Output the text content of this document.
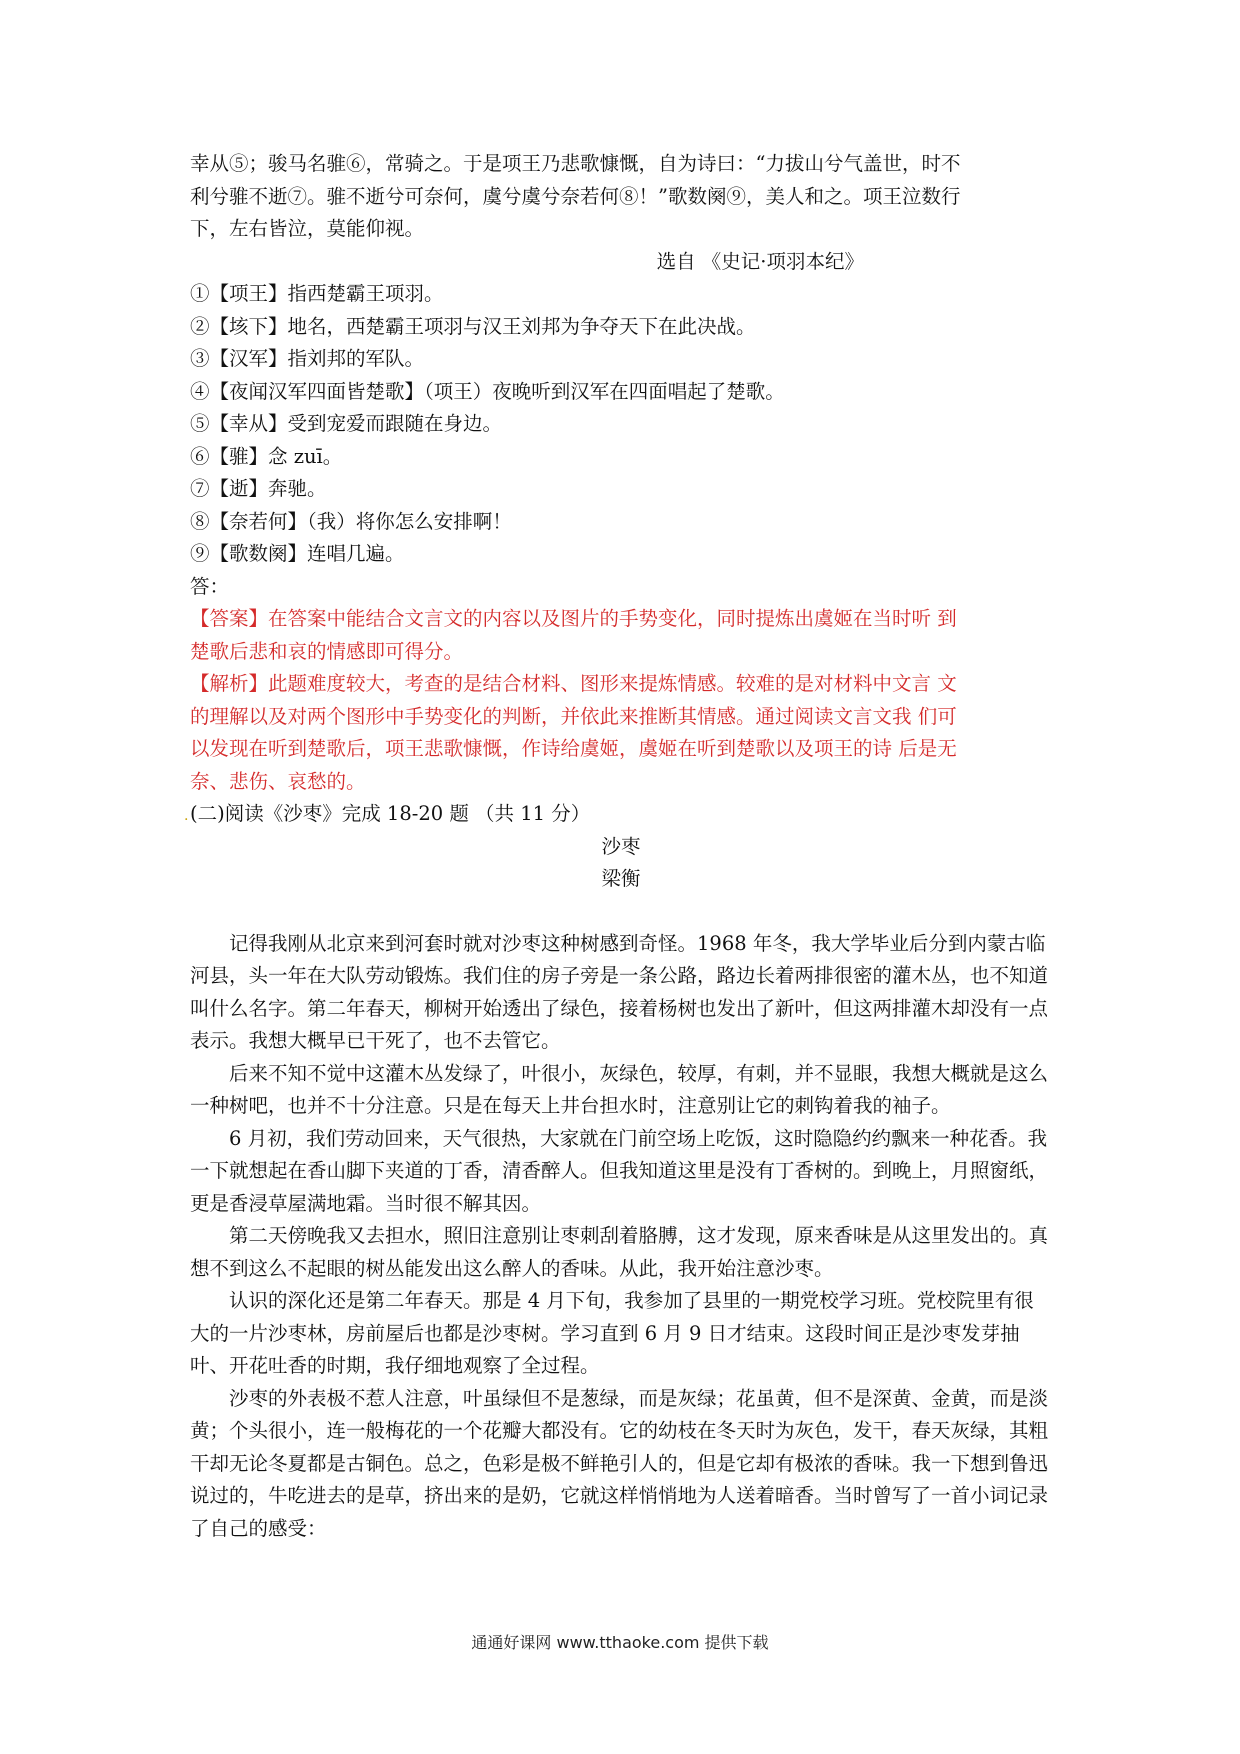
幸从⑤；骏马名骓⑥，常骑之。于是项王乃悲歌慷慨，自为诗曰：“力拔山兮气盖世，时不

利兮骓不逝⑦。骓不逝兮可奈何，虞兮虞兮奈若何⑧！”歌数阕⑨，美人和之。项王泣数行

下，左右皆泣，莫能仰视。

选自 《史记·项羽本纪》

①【项王】指西楚霸王项羽。

②【垓下】地名，西楚霸王项羽与汉王刘邦为争夺天下在此决战。

③【汉军】指刘邦的军队。

④【夜闻汉军四面皆楚歌】（项王）夜晚听到汉军在四面唱起了楚歌。

⑤【幸从】受到宠爱而跟随在身边。

⑥【骓】念 zuī。

⑦【逝】奔驰。

⑧【奈若何】（我）将你怎么安排啊！

⑨【歌数阕】连唱几遍。

答：

【答案】在答案中能结合文言文的内容以及图片的手势变化，同时提炼出虞姬在当时听 到

楚歌后悲和哀的情感即可得分。

【解析】此题难度较大，考查的是结合材料、图形来提炼情感。较难的是对材料中文言 文

的理解以及对两个图形中手势变化的判断，并依此来推断其情感。通过阅读文言文我 们可

以发现在听到楚歌后，项王悲歌慷慨，作诗给虞姬，虞姬在听到楚歌以及项王的诗 后是无

奈、悲伤、哀愁的。

. (二)阅读《沙枣》完成 18-20 题 （共 11 分）

沙枣

梁衡

记得我刚从北京来到河套时就对沙枣这种树感到奇怪。1968 年冬，我大学毕业后分到内蒙古临河县，头一年在大队劳动锻炼。我们住的房子旁是一条公路，路边长着两排很密的灌木丛，也不知道叫什么名字。第二年春天，柳树开始透出了绿色，接着杨树也发出了新叶，但这两排灌木却没有一点表示。我想大概早已干死了，也不去管它。

后来不知不觉中这灌木丛发绿了，叶很小，灰绿色，较厚，有刺，并不显眼，我想大概就是这么一种树吧，也并不十分注意。只是在每天上井台担水时，注意别让它的刺钩着我的袖子。

6 月初，我们劳动回来，天气很热，大家就在门前空场上吃饭，这时隐隐约约飘来一种花香。我一下就想起在香山脚下夹道的丁香，清香醉人。但我知道这里是没有丁香树的。到晚上，月照窗纸，更是香浸草屋满地霜。当时很不解其因。

第二天傍晚我又去担水，照旧注意别让枣刺刮着胳膊，这才发现，原来香味是从这里发出的。真想不到这么不起眼的树丛能发出这么醉人的香味。从此，我开始注意沙枣。

认识的深化还是第二年春天。那是 4 月下旬，我参加了县里的一期党校学习班。党校院里有很大的一片沙枣林，房前屋后也都是沙枣树。学习直到 6 月 9 日才结束。这段时间正是沙枣发芽抽叶、开花吐香的时期，我仔细地观察了全过程。

沙枣的外表极不惹人注意，叶虽绿但不是葱绿，而是灰绿；花虽黄，但不是深黄、金黄，而是淡黄；个头很小，连一般梅花的一个花瓣大都没有。它的幼枝在冬天时为灰色，发干，春天灰绿，其粗干却无论冬夏都是古铜色。总之，色彩是极不鲜艳引人的，但是它却有极浓的香味。我一下想到鲁迅说过的，牛吃进去的是草，挤出来的是奶，它就这样悄悄地为人送着暗香。当时曾写了一首小词记录了自己的感受：

通通好课网 www.tthaoke.com 提供下载
